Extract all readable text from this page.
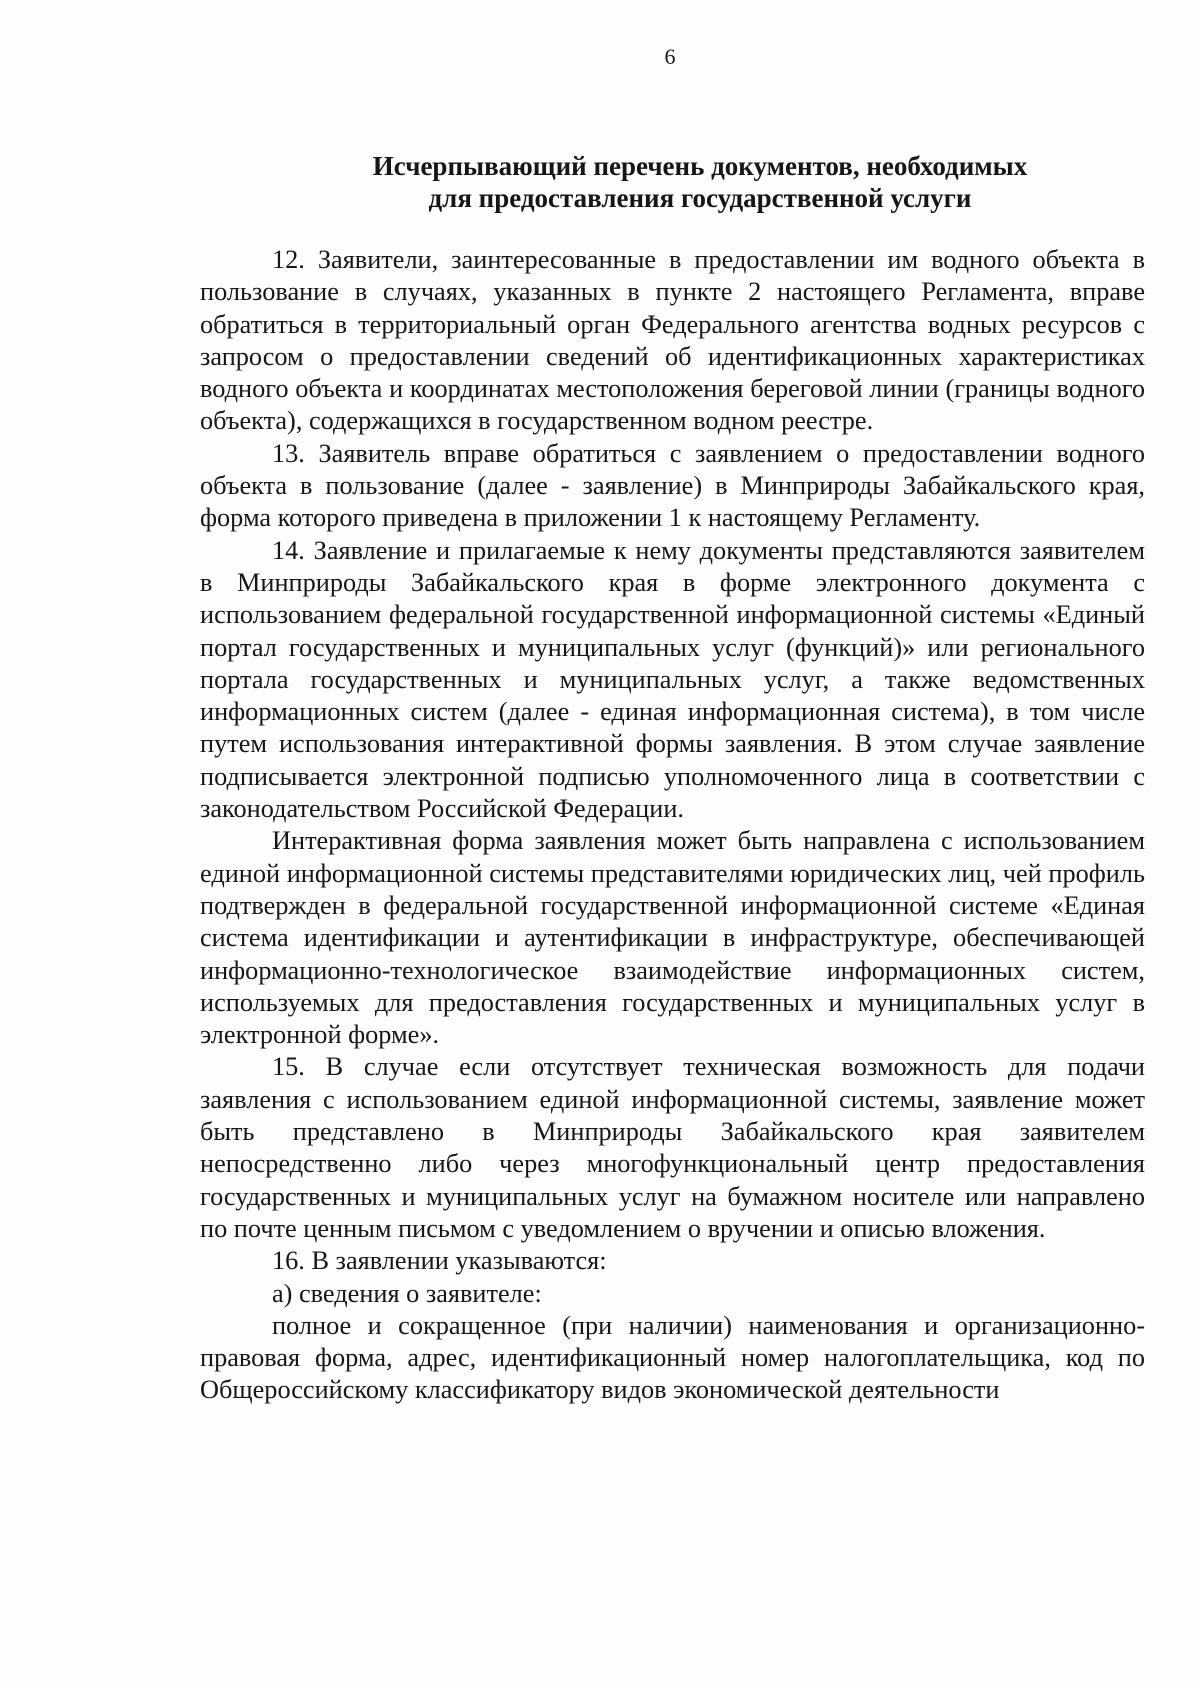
6
Исчерпывающий перечень документов, необходимых
для предоставления государственной услуги

12. Заявители, заинтересованные в предоставлении им водного объекта в пользование в случаях, указанных в пункте 2 настоящего Регламента, вправе обратиться в территориальный орган Федерального агентства водных ресурсов с запросом о предоставлении сведений об идентификационных характеристиках водного объекта и координатах местоположения береговой линии (границы водного объекта), содержащихся в государственном водном реестре.

13. Заявитель вправе обратиться с заявлением о предоставлении водного объекта в пользование (далее - заявление) в Минприроды Забайкальского края, форма которого приведена в приложении 1 к настоящему Регламенту.

14. Заявление и прилагаемые к нему документы представляются заявителем в Минприроды Забайкальского края в форме электронного документа с использованием федеральной государственной информационной системы «Единый портал государственных и муниципальных услуг (функций)» или регионального портала государственных и муниципальных услуг, а также ведомственных информационных систем (далее - единая информационная система), в том числе путем использования интерактивной формы заявления. В этом случае заявление подписывается электронной подписью уполномоченного лица в соответствии с законодательством Российской Федерации.

Интерактивная форма заявления может быть направлена с использованием единой информационной системы представителями юридических лиц, чей профиль подтвержден в федеральной государственной информационной системе «Единая система идентификации и аутентификации в инфраструктуре, обеспечивающей информационно-технологическое взаимодействие информационных систем, используемых для предоставления государственных и муниципальных услуг в электронной форме».

15. В случае если отсутствует техническая возможность для подачи заявления с использованием единой информационной системы, заявление может быть представлено в Минприроды Забайкальского края заявителем непосредственно либо через многофункциональный центр предоставления государственных и муниципальных услуг на бумажном носителе или направлено по почте ценным письмом с уведомлением о вручении и описью вложения.

16. В заявлении указываются:

а) сведения о заявителе:

полное и сокращенное (при наличии) наименования и организационно-правовая форма, адрес, идентификационный номер налогоплательщика, код по Общероссийскому классификатору видов экономической деятельности
